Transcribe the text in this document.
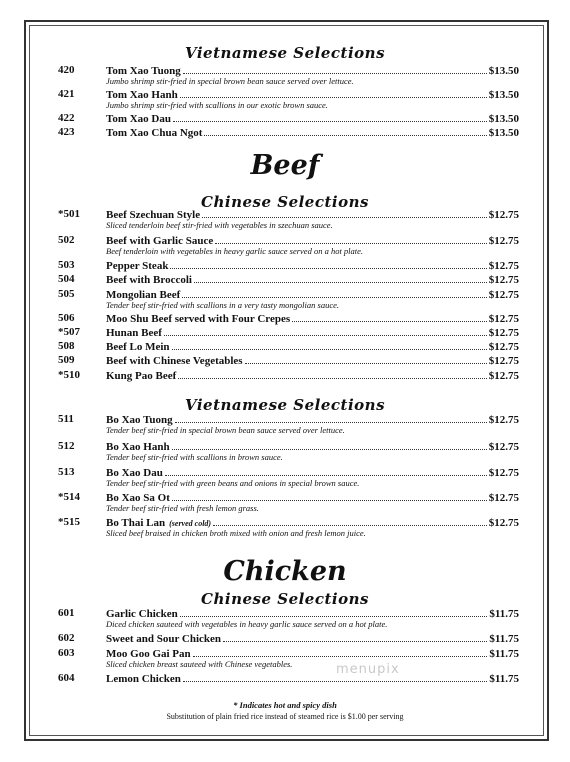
Vietnamese Selections
420	Tom Xao Tuong	$13.50
Jumbo shrimp stir-fried in special brown bean sauce served over lettuce.
421	Tom Xao Hanh	$13.50
Jumbo shrimp stir-fried with scallions in our exotic brown sauce.
422	Tom Xao Dau	$13.50
423	Tom Xao Chua Ngot	$13.50
Beef
Chinese Selections
*501	Beef Szechuan Style	$12.75
Sliced tenderloin beef stir-fried with vegetables in szechuan sauce.
502	Beef with Garlic Sauce	$12.75
Beef tenderloin with vegetables in heavy garlic sauce served on a hot plate.
503	Pepper Steak	$12.75
504	Beef with Broccoli	$12.75
505	Mongolian Beef	$12.75
Tender beef stir-fried with scallions in a very tasty mongolian sauce.
506	Moo Shu Beef served with Four Crepes	$12.75
*507	Hunan Beef	$12.75
508	Beef Lo Mein	$12.75
509	Beef with Chinese Vegetables	$12.75
*510	Kung Pao Beef	$12.75
Vietnamese Selections
511	Bo Xao Tuong	$12.75
Tender beef stir-fried in special brown bean sauce served over lettuce.
512	Bo Xao Hanh	$12.75
Tender beef stir-fried with scallions in brown sauce.
513	Bo Xao Dau	$12.75
Tender beef stir-fried with green beans and onions in special brown sauce.
*514	Bo Xao Sa Ot	$12.75
Tender beef stir-fried with fresh lemon grass.
*515	Bo Thai Lan (served cold)	$12.75
Sliced beef braised in chicken broth mixed with onion and fresh lemon juice.
Chicken
Chinese Selections
601	Garlic Chicken	$11.75
Diced chicken sauteed with vegetables in heavy garlic sauce served on a hot plate.
602	Sweet and Sour Chicken	$11.75
603	Moo Goo Gai Pan	$11.75
Sliced chicken breast sauteed with Chinese vegetables.
604	Lemon Chicken	$11.75
* Indicates hot and spicy dish
Substitution of plain fried rice instead of steamed rice is $1.00 per serving
menupix
